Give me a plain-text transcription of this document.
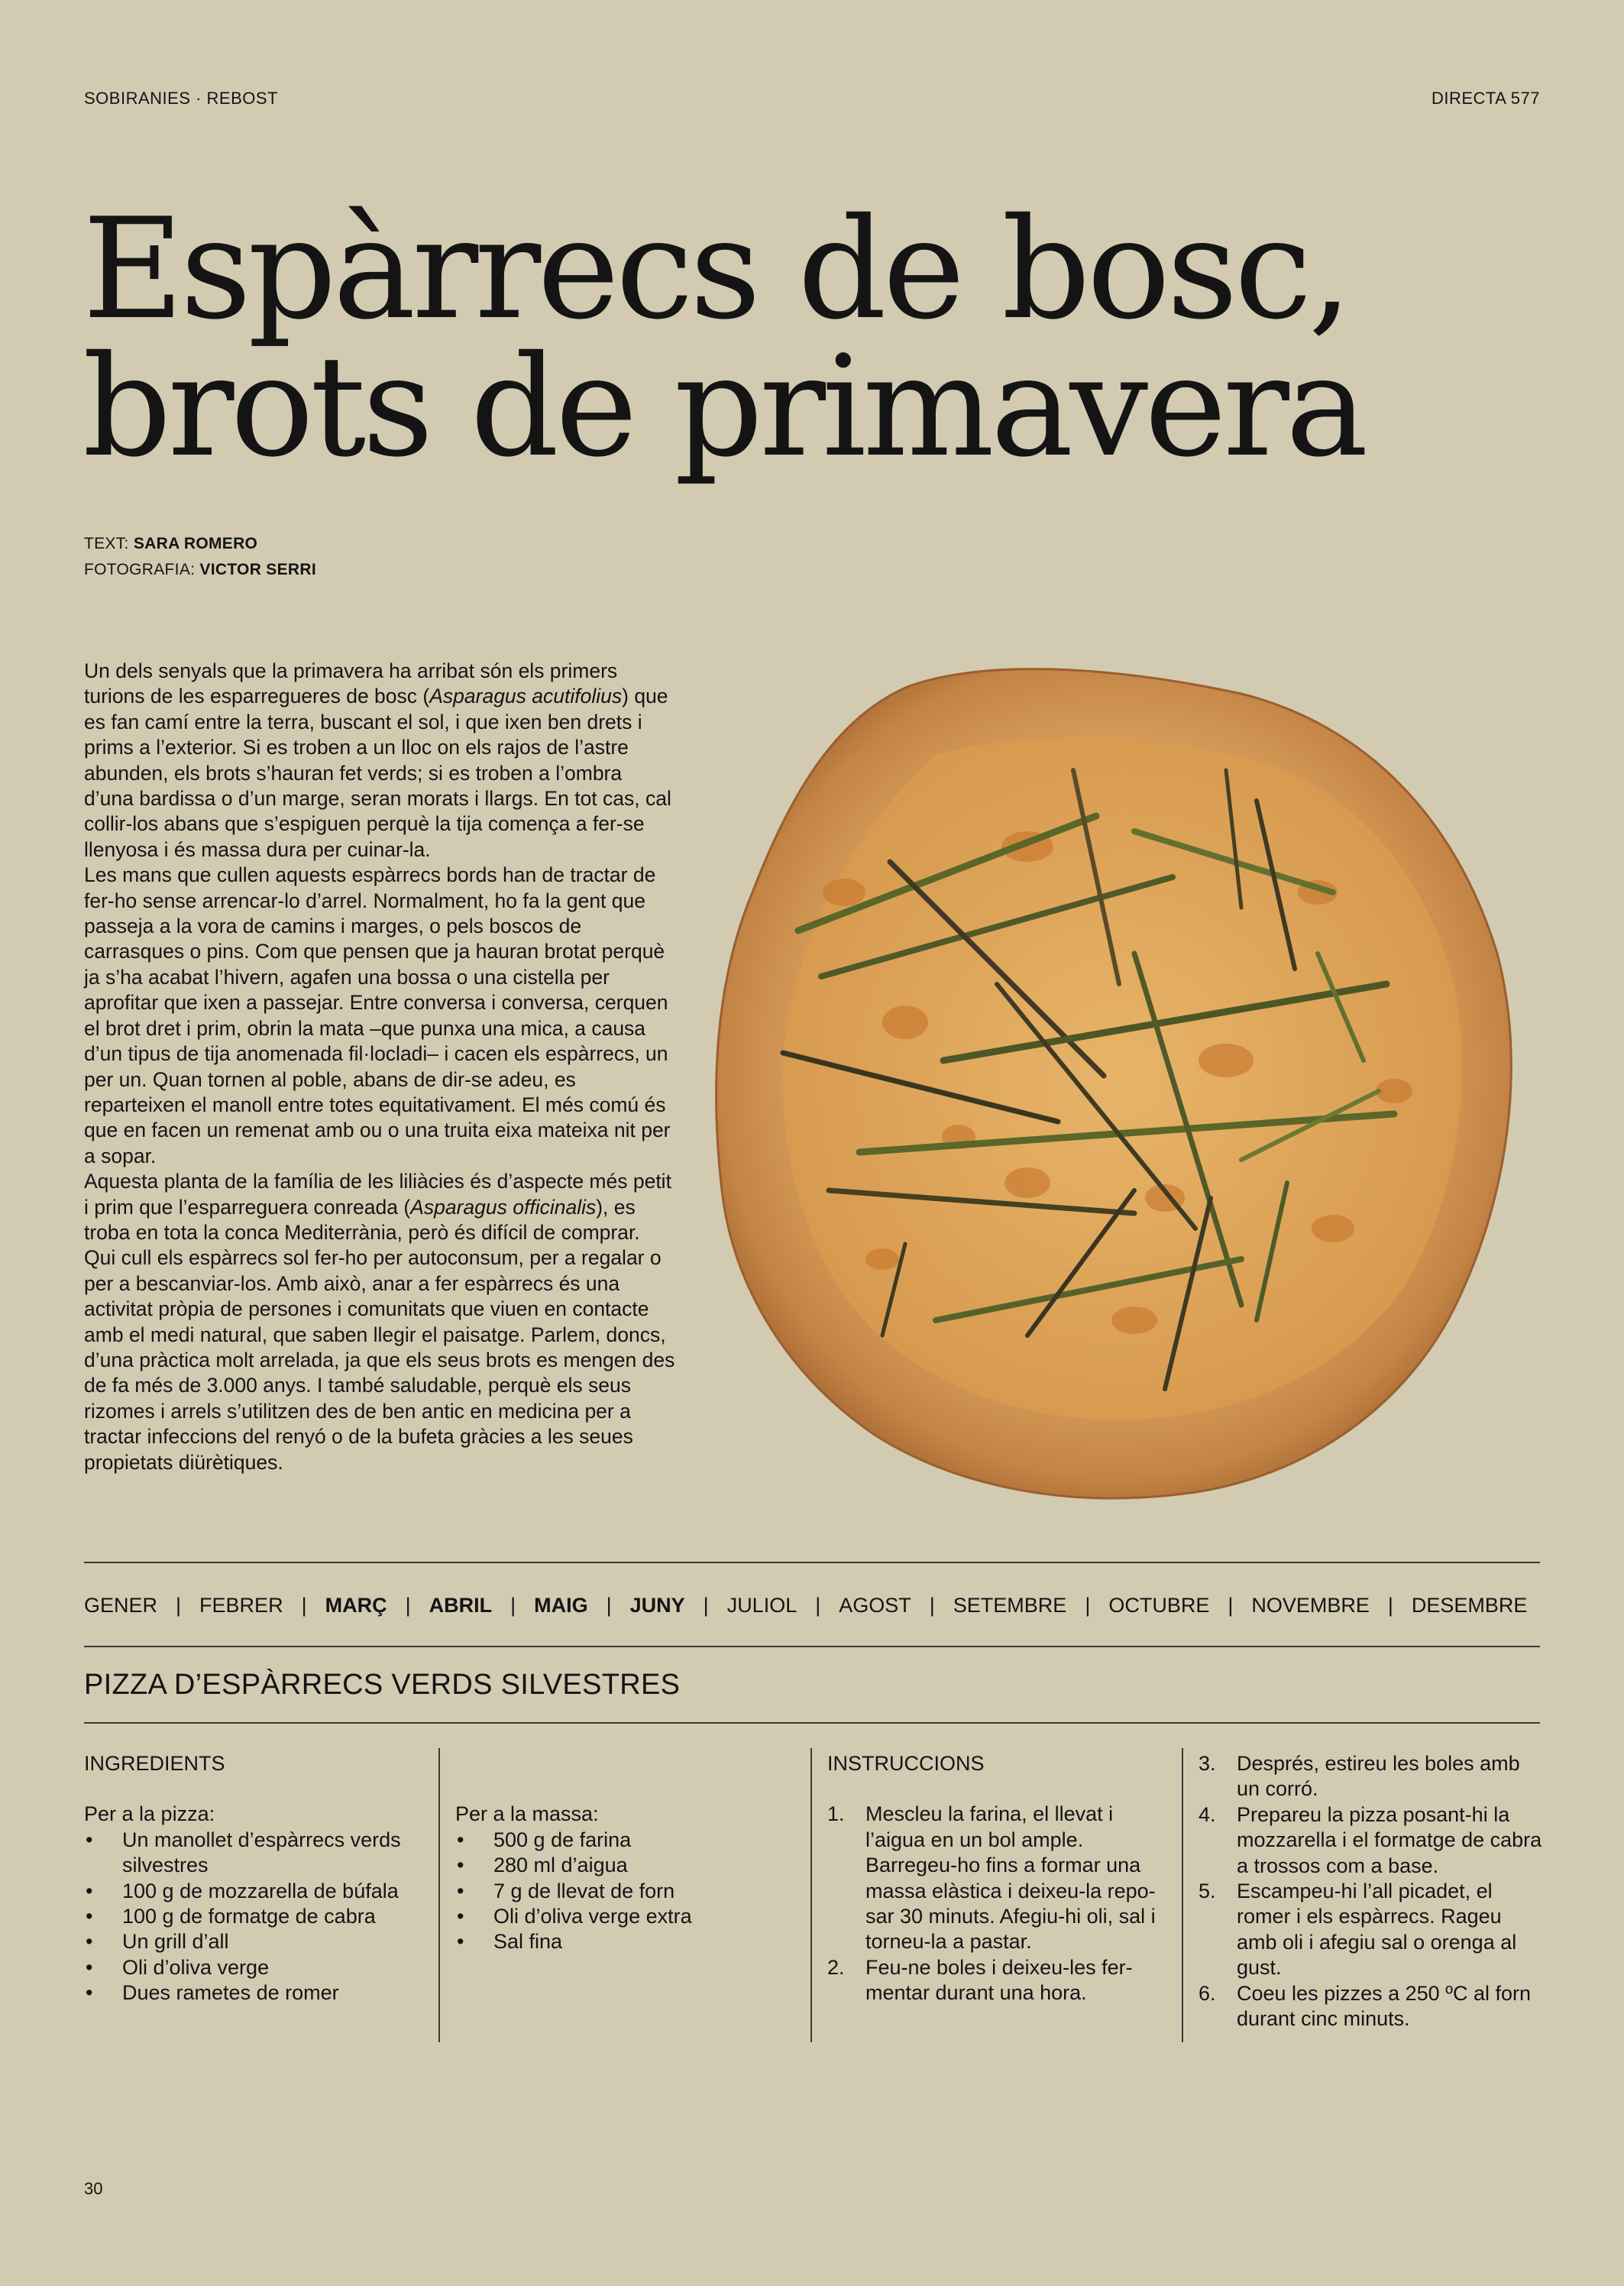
SOBIRANIES · REBOST	DIRECTA 577
Espàrrecs de bosc,
brots de primavera
TEXT: SARA ROMERO
FOTOGRAFIA: VICTOR SERRI

Un dels senyals que la primavera ha arribat són els primers turions de les esparregueres de bosc (Asparagus acutifolius) que es fan camí entre la terra, buscant el sol, i que ixen ben drets i prims a l’exterior. Si es troben a un lloc on els rajos de l’astre abunden, els brots s’hauran fet verds; si es troben a l’ombra d’una bardissa o d’un marge, seran morats i llargs. En tot cas, cal collir-los abans que s’espiguen perquè la tija comença a fer-se llenyosa i és massa dura per cuinar-la.

Les mans que cullen aquests espàrrecs bords han de tractar de fer-ho sense arrencar-lo d’arrel. Normalment, ho fa la gent que passeja a la vora de camins i marges, o pels boscos de carrasques o pins. Com que pensen que ja hauran brotat perquè ja s’ha acabat l’hivern, agafen una bossa o una cistella per aprofitar que ixen a passejar. Entre conversa i conversa, cerquen el brot dret i prim, obrin la mata –que punxa una mica, a causa d’un tipus de tija anomenada fil·locladi– i cacen els espàrrecs, un per un. Quan tornen al poble, abans de dir-se adeu, es reparteixen el manoll entre totes equitativament. El més comú és que en facen un remenat amb ou o una truita eixa mateixa nit per a sopar.

Aquesta planta de la família de les liliàcies és d’aspecte més petit i prim que l’esparreguera conreada (Asparagus officinalis), es troba en tota la conca Mediterrània, però és difícil de comprar. Qui cull els espàrrecs sol fer-ho per autoconsum, per a regalar o per a bescanviar-los. Amb això, anar a fer espàrrecs és una activitat pròpia de persones i comunitats que viuen en contacte amb el medi natural, que saben llegir el paisatge. Parlem, doncs, d’una pràctica molt arrelada, ja que els seus brots es mengen des de fa més de 3.000 anys. I també saludable, perquè els seus rizomes i arrels s’utilitzen des de ben antic en medicina per a tractar infeccions del renyó o de la bufeta gràcies a les seues propietats diürètiques.

GENER | FEBRER | MARÇ | ABRIL | MAIG | JUNY | JULIOL | AGOST | SETEMBRE | OCTUBRE | NOVEMBRE | DESEMBRE
PIZZA D’ESPÀRRECS VERDS SILVESTRES

INGREDIENTS

Per a la pizza:

• Un manollet d’espàrrecs verds silvestres
• 100 g de mozzarella de búfala
• 100 g de formatge de cabra
• Un grill d’all
• Oli d’oliva verge
• Dues rametes de romer

Per a la massa:

• 500 g de farina
• 280 ml d’aigua
• 7 g de llevat de forn
• Oli d’oliva verge extra
• Sal fina

INSTRUCCIONS

1. Mescleu la farina, el llevat i l’aigua en un bol ample. Barregeu-ho fins a formar una massa elàstica i deixeu-la repo-sar 30 minuts. Afegiu-hi oli, sal i torneu-la a pastar.
2. Feu-ne boles i deixeu-les fer-mentar durant una hora.
3. Després, estireu les boles amb un corró.
4. Prepareu la pizza posant-hi la mozzarella i el formatge de cabra a trossos com a base.
5. Escampeu-hi l’all picadet, el romer i els espàrrecs. Rageu amb oli i afegiu sal o orenga al gust.
6. Coeu les pizzes a 250 ºC al forn durant cinc minuts.
30
